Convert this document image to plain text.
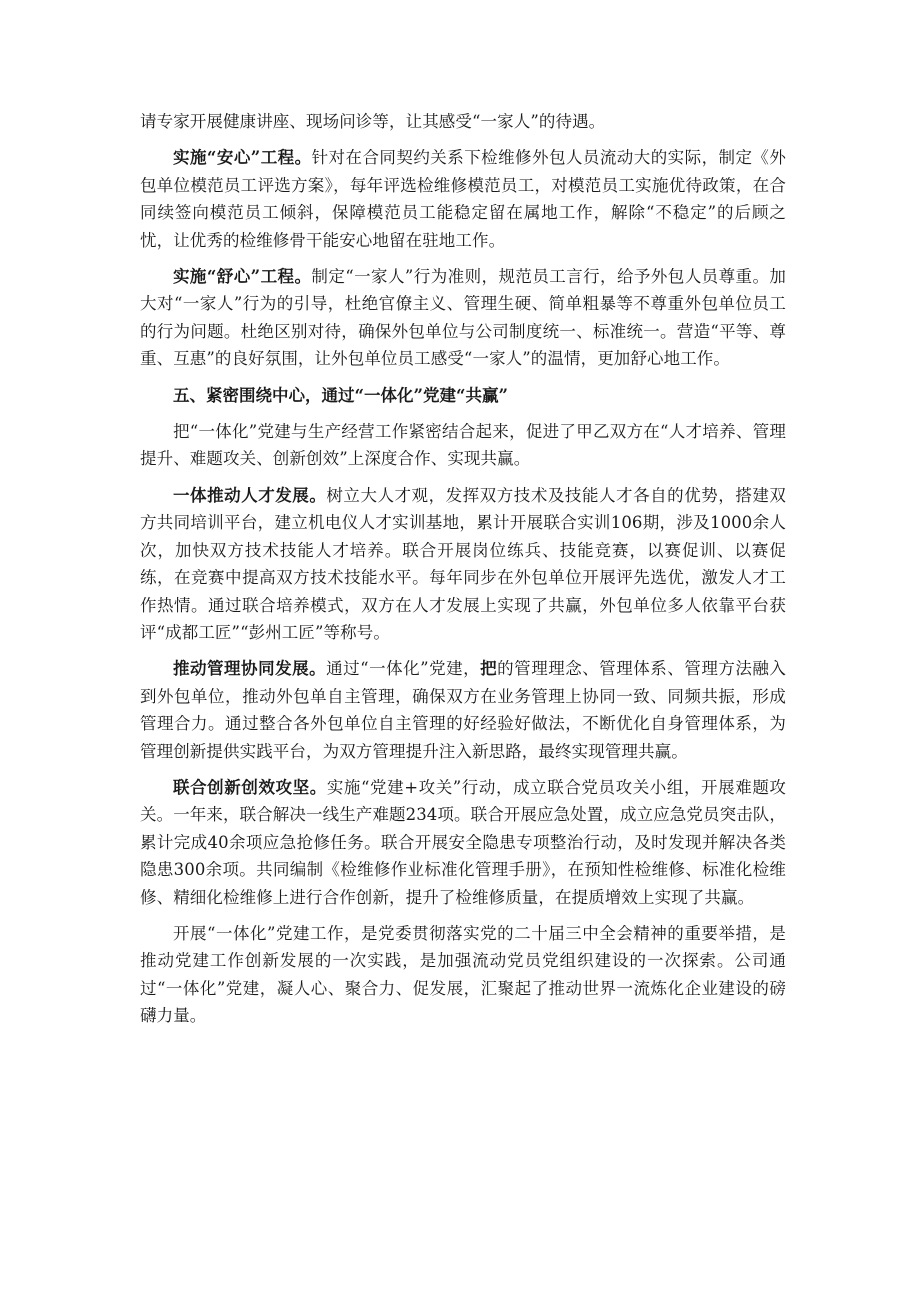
请专家开展健康讲座、现场问诊等，让其感受“一家人”的待遇。

实施“安心”工程。针对在合同契约关系下检维修外包人员流动大的实际，制定《外包单位模范员工评选方案》，每年评选检维修模范员工，对模范员工实施优待政策，在合同续签向模范员工倾斜，保障模范员工能稳定留在属地工作，解除“不稳定”的后顾之忧，让优秀的检维修骨干能安心地留在驻地工作。

实施“舒心”工程。制定“一家人”行为准则，规范员工言行，给予外包人员尊重。加大对“一家人”行为的引导，杜绝官僚主义、管理生硬、简单粗暴等不尊重外包单位员工的行为问题。杜绝区别对待，确保外包单位与公司制度统一、标准统一。营造“平等、尊重、互惠”的良好氛围，让外包单位员工感受“一家人”的温情，更加舒心地工作。

五、紧密围绕中心，通过“一体化”党建“共赢”

把“一体化”党建与生产经营工作紧密结合起来，促进了甲乙双方在“人才培养、管理提升、难题攻关、创新创效”上深度合作、实现共赢。

一体推动人才发展。树立大人才观，发挥双方技术及技能人才各自的优势，搭建双方共同培训平台，建立机电仪人才实训基地，累计开展联合实训106期，涉及1000余人次，加快双方技术技能人才培养。联合开展岗位练兵、技能竞赛，以赛促训、以赛促练，在竞赛中提高双方技术技能水平。每年同步在外包单位开展评先选优，激发人才工作热情。通过联合培养模式，双方在人才发展上实现了共赢，外包单位多人依靠平台获评“成都工匠”“彭州工匠”等称号。

推动管理协同发展。通过“一体化”党建，把的管理理念、管理体系、管理方法融入到外包单位，推动外包单自主管理，确保双方在业务管理上协同一致、同频共振，形成管理合力。通过整合各外包单位自主管理的好经验好做法，不断优化自身管理体系，为管理创新提供实践平台，为双方管理提升注入新思路，最终实现管理共赢。

联合创新创效攻坚。实施“党建+攻关”行动，成立联合党员攻关小组，开展难题攻关。一年来，联合解决一线生产难题234项。联合开展应急处置，成立应急党员突击队，累计完成40余项应急抢修任务。联合开展安全隐患专项整治行动，及时发现并解决各类隐患300余项。共同编制《检维修作业标准化管理手册》，在预知性检维修、标准化检维修、精细化检维修上进行合作创新，提升了检维修质量，在提质增效上实现了共赢。

开展“一体化”党建工作，是党委贯彻落实党的二十届三中全会精神的重要举措，是推动党建工作创新发展的一次实践，是加强流动党员党组织建设的一次探索。公司通过“一体化”党建，凝人心、聚合力、促发展，汇聚起了推动世界一流炼化企业建设的磅礴力量。
